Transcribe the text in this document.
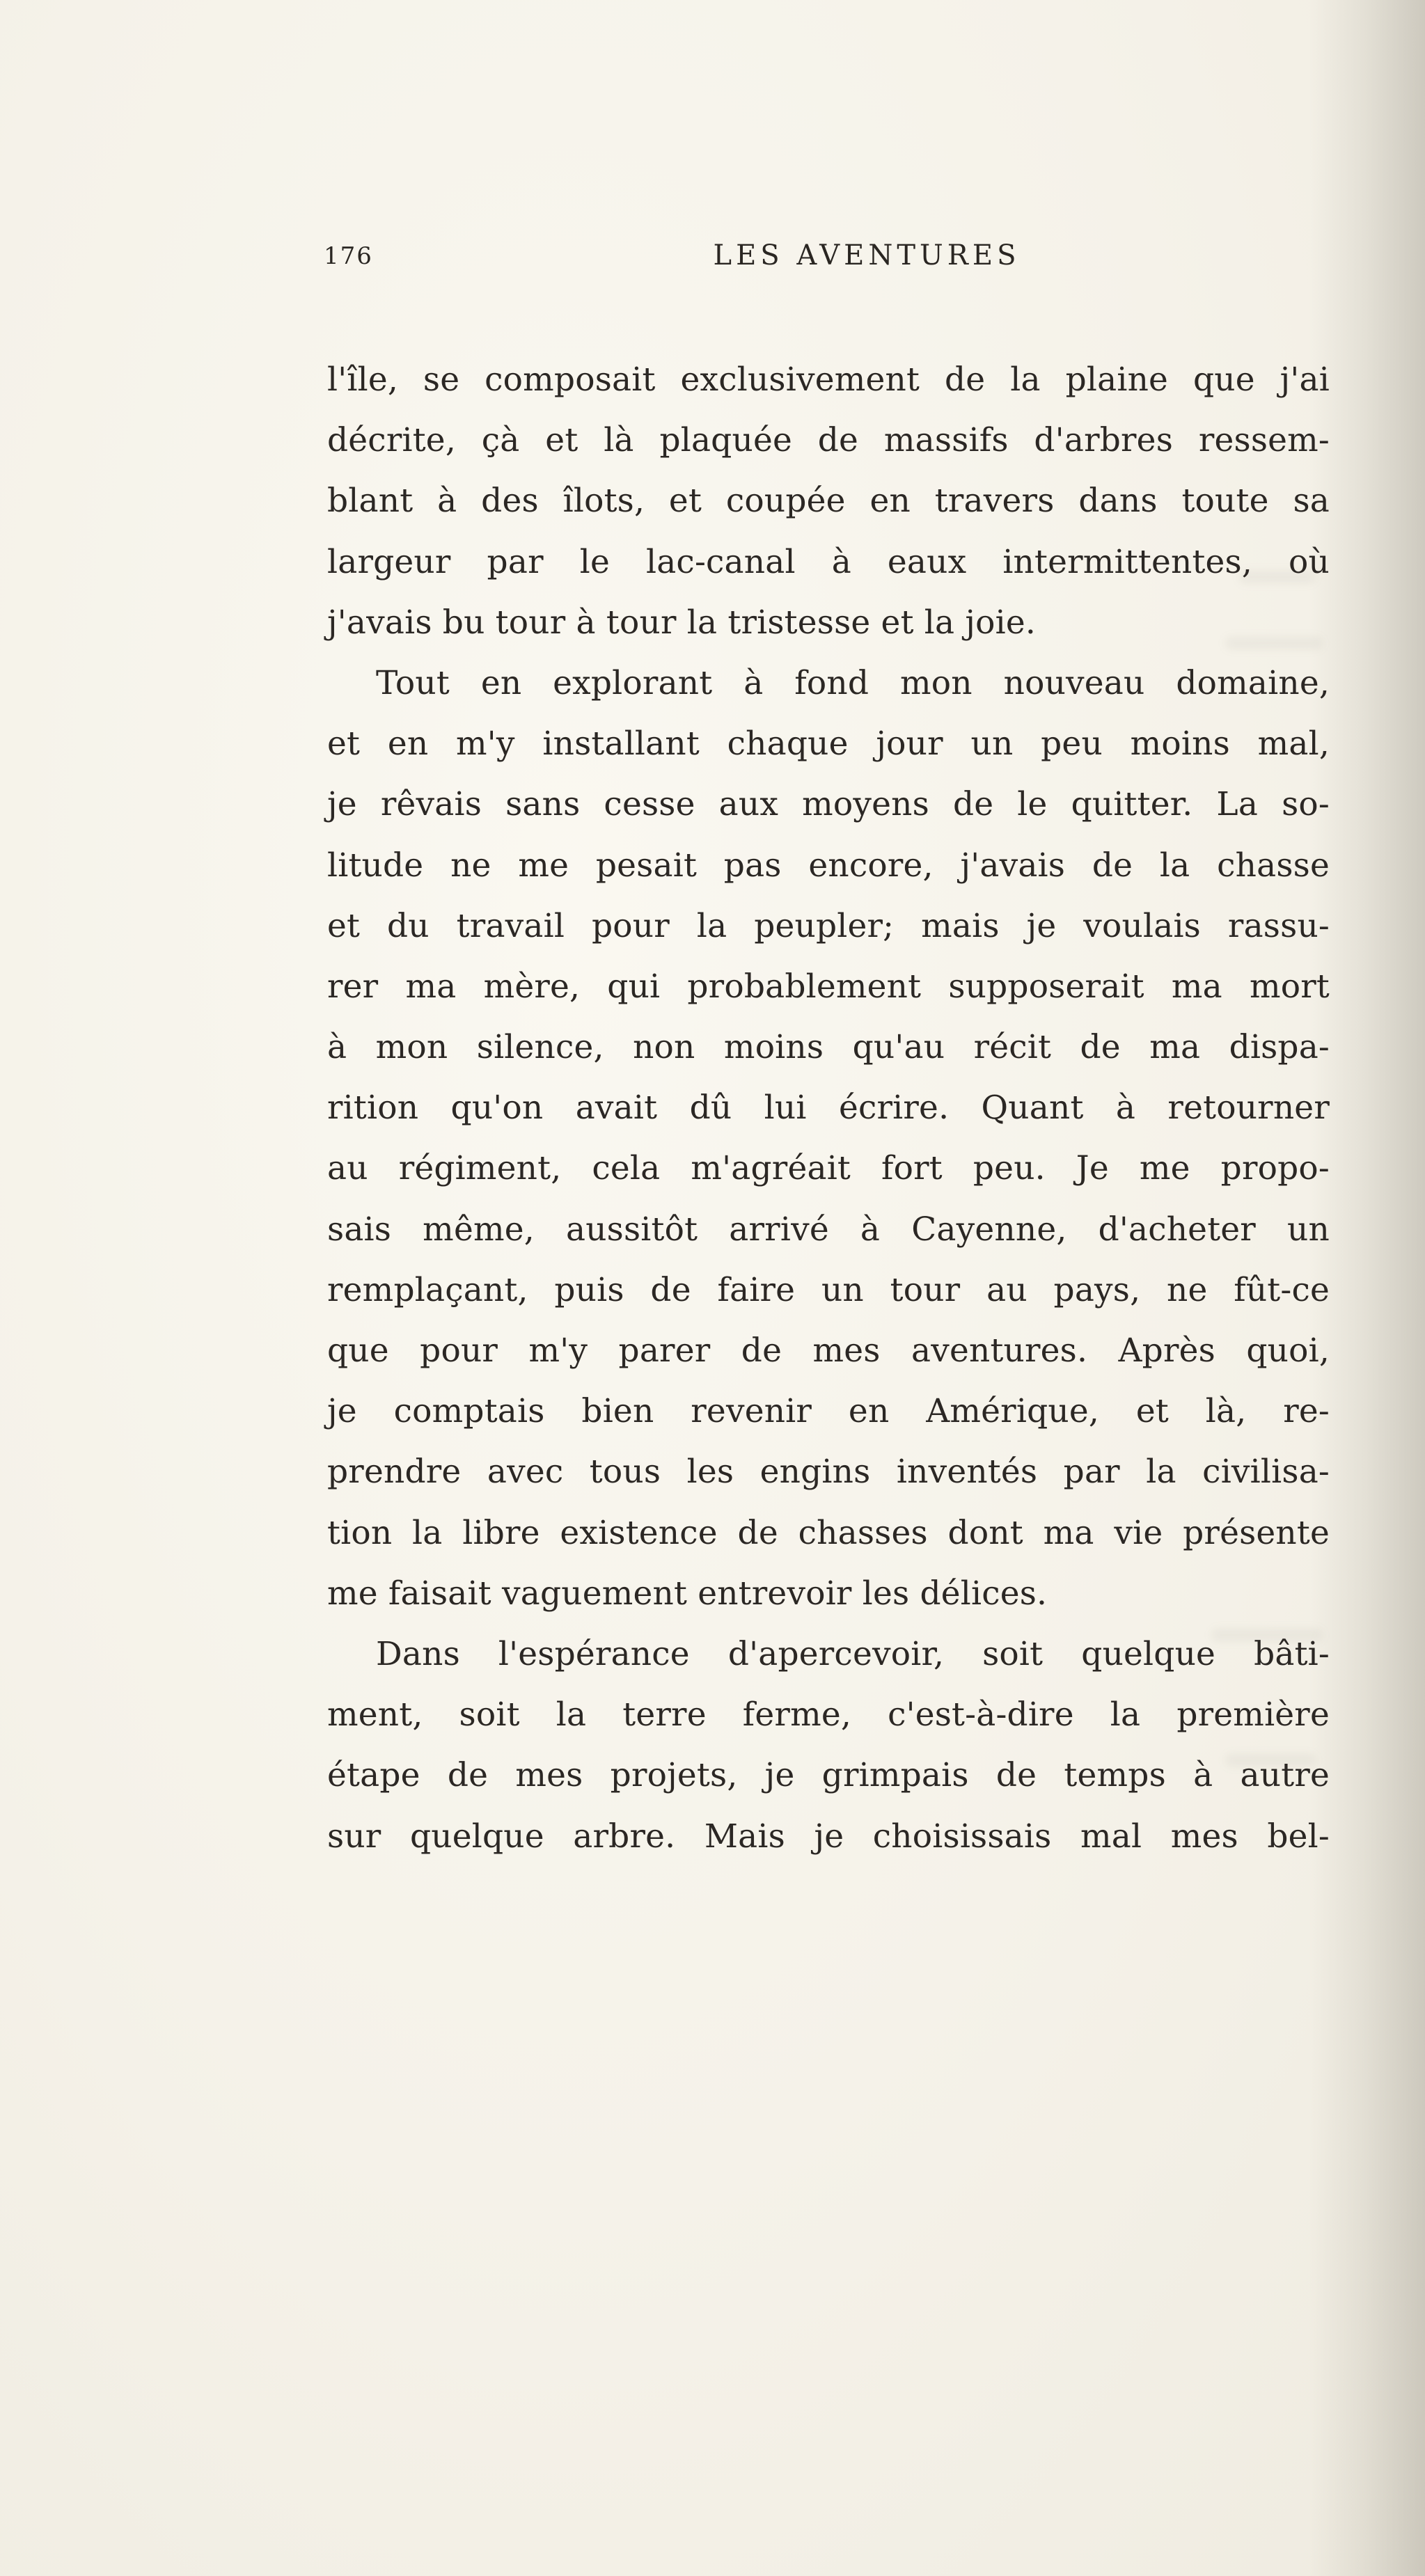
176	LES AVENTURES
l'île, se composait exclusivement de la plaine que j'ai
décrite, çà et là plaquée de massifs d'arbres ressem-
blant à des îlots, et coupée en travers dans toute sa
largeur par le lac-canal à eaux intermittentes, où
j'avais bu tour à tour la tristesse et la joie.
Tout en explorant à fond mon nouveau domaine,
et en m'y installant chaque jour un peu moins mal,
je rêvais sans cesse aux moyens de le quitter. La so-
litude ne me pesait pas encore, j'avais de la chasse
et du travail pour la peupler; mais je voulais rassu-
rer ma mère, qui probablement supposerait ma mort
à mon silence, non moins qu'au récit de ma dispa-
rition qu'on avait dû lui écrire. Quant à retourner
au régiment, cela m'agréait fort peu. Je me propo-
sais même, aussitôt arrivé à Cayenne, d'acheter un
remplaçant, puis de faire un tour au pays, ne fût-ce
que pour m'y parer de mes aventures. Après quoi,
je comptais bien revenir en Amérique, et là, re-
prendre avec tous les engins inventés par la civilisa-
tion la libre existence de chasses dont ma vie présente
me faisait vaguement entrevoir les délices.
Dans l'espérance d'apercevoir, soit quelque bâti-
ment, soit la terre ferme, c'est-à-dire la première
étape de mes projets, je grimpais de temps à autre
sur quelque arbre. Mais je choisissais mal mes bel-
